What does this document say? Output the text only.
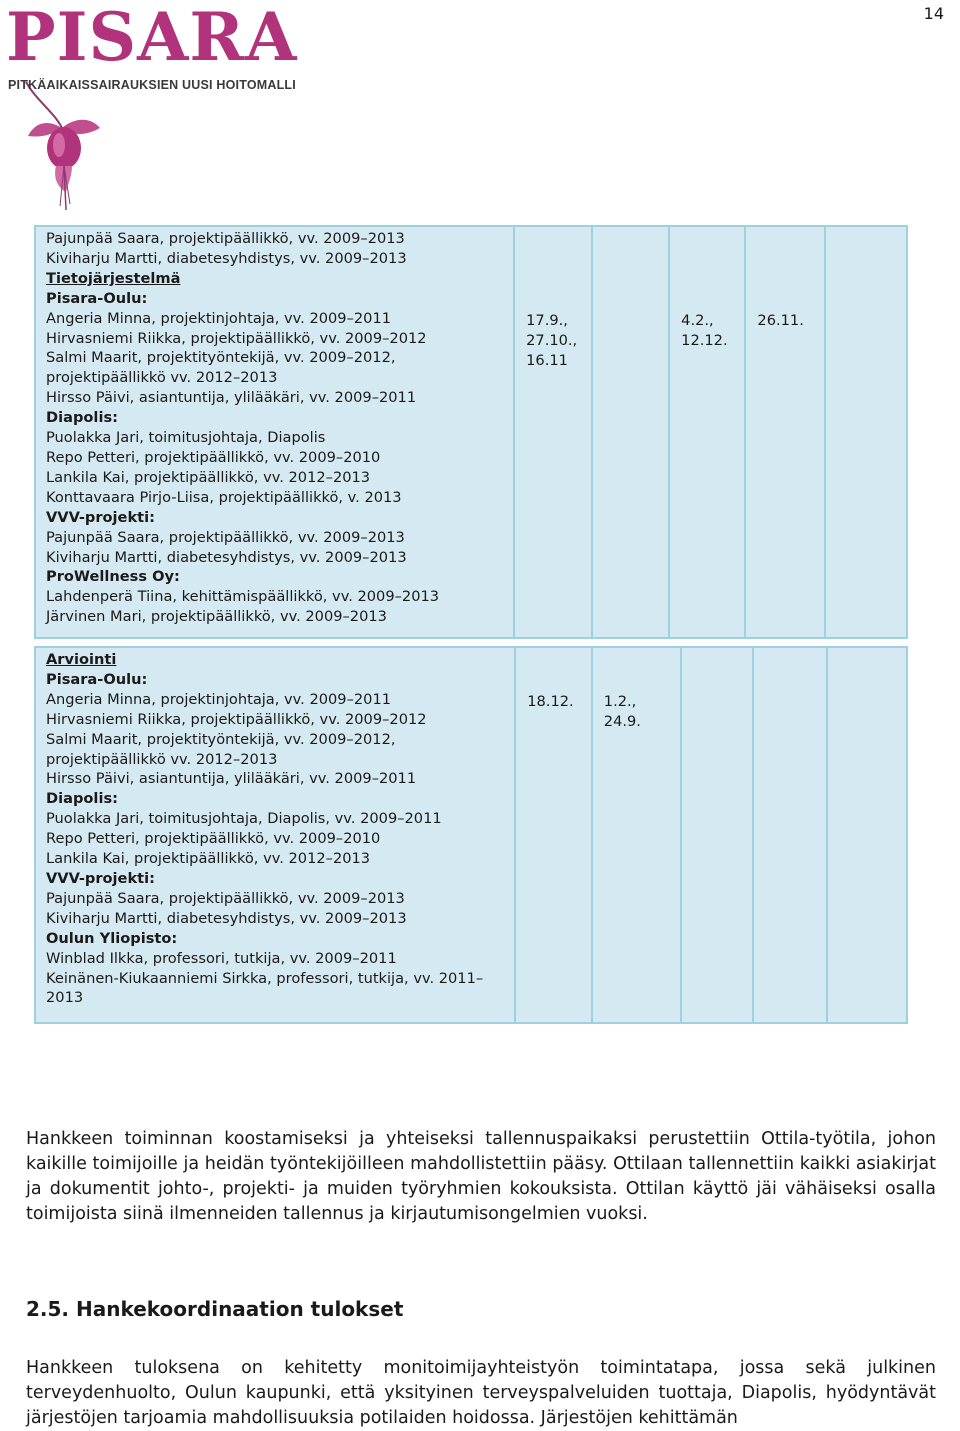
14
PISARA
PITKÄAIKAISSAIRAUKSIEN UUSI HOITOMALLI
Pajunpää Saara, projektipäällikkö, vv. 2009–2013
Kiviharju Martti, diabetesyhdistys, vv. 2009–2013
Tietojärjestelmä
Pisara-Oulu:
Angeria Minna, projektinjohtaja, vv. 2009–2011
Hirvasniemi Riikka, projektipäällikkö, vv. 2009–2012
Salmi Maarit, projektityöntekijä, vv. 2009–2012,
projektipäällikkö vv. 2012–2013
Hirsso Päivi, asiantuntija, ylilääkäri, vv. 2009–2011
Diapolis:
Puolakka Jari, toimitusjohtaja, Diapolis
Repo Petteri, projektipäällikkö, vv. 2009–2010
Lankila Kai, projektipäällikkö, vv. 2012–2013
Konttavaara Pirjo-Liisa, projektipäällikkö, v. 2013
VVV-projekti:
Pajunpää Saara, projektipäällikkö, vv. 2009–2013
Kiviharju Martti, diabetesyhdistys, vv. 2009–2013
ProWellness Oy:
Lahdenperä Tiina, kehittämispäällikkö, vv. 2009–2013
Järvinen Mari, projektipäällikkö, vv. 2009–2013
	17.9.,
27.10.,
16.11		4.2.,
12.12.	26.11.	
Arviointi
Pisara-Oulu:
Angeria Minna, projektinjohtaja, vv. 2009–2011
Hirvasniemi Riikka, projektipäällikkö, vv. 2009–2012
Salmi Maarit, projektityöntekijä, vv. 2009–2012,
projektipäällikkö vv. 2012–2013
Hirsso Päivi, asiantuntija, ylilääkäri, vv. 2009–2011
Diapolis:
Puolakka Jari, toimitusjohtaja, Diapolis, vv. 2009–2011
Repo Petteri, projektipäällikkö, vv. 2009–2010
Lankila Kai, projektipäällikkö, vv. 2012–2013
VVV-projekti:
Pajunpää Saara, projektipäällikkö, vv. 2009–2013
Kiviharju Martti, diabetesyhdistys, vv. 2009–2013
Oulun Yliopisto:
Winblad Ilkka, professori, tutkija, vv. 2009–2011
Keinänen-Kiukaanniemi Sirkka, professori, tutkija, vv. 2011–
2013
	18.12.	1.2.,
24.9.			

Hankkeen toiminnan koostamiseksi ja yhteiseksi tallennuspaikaksi perustettiin Ottila-työtila, johon kaikille toimijoille ja heidän työntekijöilleen mahdollistettiin pääsy. Ottilaan tallennettiin kaikki asiakirjat ja dokumentit johto-, projekti- ja muiden työryhmien kokouksista. Ottilan käyttö jäi vähäiseksi osalla toimijoista siinä ilmenneiden tallennus ja kirjautumisongelmien vuoksi.

2.5. Hankekoordinaation tulokset

Hankkeen tuloksena on kehitetty monitoimijayhteistyön toimintatapa, jossa sekä julkinen terveydenhuolto, Oulun kaupunki, että yksityinen terveyspalveluiden tuottaja, Diapolis, hyödyntävät järjestöjen tarjoamia mahdollisuuksia potilaiden hoidossa. Järjestöjen kehittämän
